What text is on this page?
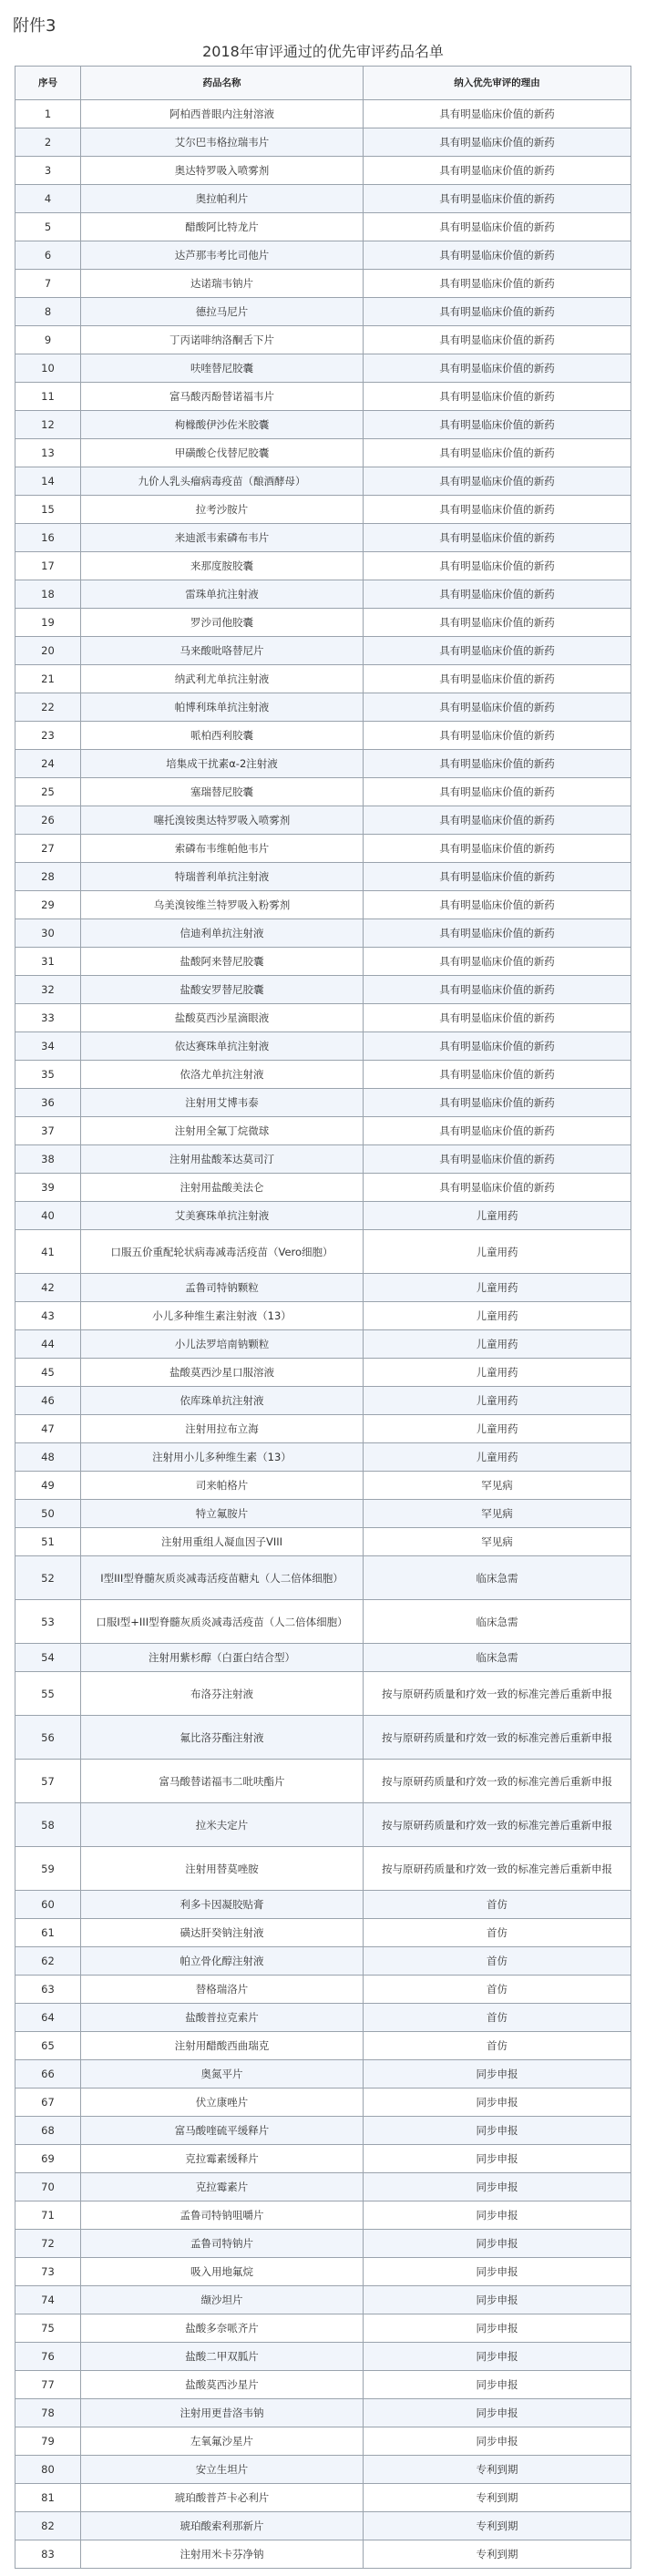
附件3
2018年审评通过的优先审评药品名单
序号	药品名称	纳入优先审评的理由
1	阿柏西普眼内注射溶液	具有明显临床价值的新药
2	艾尔巴韦格拉瑞韦片	具有明显临床价值的新药
3	奥达特罗吸入喷雾剂	具有明显临床价值的新药
4	奥拉帕利片	具有明显临床价值的新药
5	醋酸阿比特龙片	具有明显临床价值的新药
6	达芦那韦考比司他片	具有明显临床价值的新药
7	达诺瑞韦钠片	具有明显临床价值的新药
8	德拉马尼片	具有明显临床价值的新药
9	丁丙诺啡纳洛酮舌下片	具有明显临床价值的新药
10	呋喹替尼胶囊	具有明显临床价值的新药
11	富马酸丙酚替诺福韦片	具有明显临床价值的新药
12	枸橼酸伊沙佐米胶囊	具有明显临床价值的新药
13	甲磺酸仑伐替尼胶囊	具有明显临床价值的新药
14	九价人乳头瘤病毒疫苗（酿酒酵母）	具有明显临床价值的新药
15	拉考沙胺片	具有明显临床价值的新药
16	来迪派韦索磷布韦片	具有明显临床价值的新药
17	来那度胺胶囊	具有明显临床价值的新药
18	雷珠单抗注射液	具有明显临床价值的新药
19	罗沙司他胶囊	具有明显临床价值的新药
20	马来酸吡咯替尼片	具有明显临床价值的新药
21	纳武利尤单抗注射液	具有明显临床价值的新药
22	帕博利珠单抗注射液	具有明显临床价值的新药
23	哌柏西利胶囊	具有明显临床价值的新药
24	培集成干扰素α-2注射液	具有明显临床价值的新药
25	塞瑞替尼胶囊	具有明显临床价值的新药
26	噻托溴铵奥达特罗吸入喷雾剂	具有明显临床价值的新药
27	索磷布韦维帕他韦片	具有明显临床价值的新药
28	特瑞普利单抗注射液	具有明显临床价值的新药
29	乌美溴铵维兰特罗吸入粉雾剂	具有明显临床价值的新药
30	信迪利单抗注射液	具有明显临床价值的新药
31	盐酸阿来替尼胶囊	具有明显临床价值的新药
32	盐酸安罗替尼胶囊	具有明显临床价值的新药
33	盐酸莫西沙星滴眼液	具有明显临床价值的新药
34	依达赛珠单抗注射液	具有明显临床价值的新药
35	依洛尤单抗注射液	具有明显临床价值的新药
36	注射用艾博韦泰	具有明显临床价值的新药
37	注射用全氟丁烷微球	具有明显临床价值的新药
38	注射用盐酸苯达莫司汀	具有明显临床价值的新药
39	注射用盐酸美法仑	具有明显临床价值的新药
40	艾美赛珠单抗注射液	儿童用药
41	口服五价重配轮状病毒减毒活疫苗（Vero细胞）	儿童用药
42	孟鲁司特钠颗粒	儿童用药
43	小儿多种维生素注射液（13）	儿童用药
44	小儿法罗培南钠颗粒	儿童用药
45	盐酸莫西沙星口服溶液	儿童用药
46	依库珠单抗注射液	儿童用药
47	注射用拉布立海	儿童用药
48	注射用小儿多种维生素（13）	儿童用药
49	司来帕格片	罕见病
50	特立氟胺片	罕见病
51	注射用重组人凝血因子VIII	罕见病
52	I型III型脊髓灰质炎减毒活疫苗糖丸（人二倍体细胞）	临床急需
53	口服I型+III型脊髓灰质炎减毒活疫苗（人二倍体细胞）	临床急需
54	注射用紫杉醇（白蛋白结合型）	临床急需
55	布洛芬注射液	按与原研药质量和疗效一致的标准完善后重新申报
56	氟比洛芬酯注射液	按与原研药质量和疗效一致的标准完善后重新申报
57	富马酸替诺福韦二吡呋酯片	按与原研药质量和疗效一致的标准完善后重新申报
58	拉米夫定片	按与原研药质量和疗效一致的标准完善后重新申报
59	注射用替莫唑胺	按与原研药质量和疗效一致的标准完善后重新申报
60	利多卡因凝胶贴膏	首仿
61	磺达肝癸钠注射液	首仿
62	帕立骨化醇注射液	首仿
63	替格瑞洛片	首仿
64	盐酸普拉克索片	首仿
65	注射用醋酸西曲瑞克	首仿
66	奥氮平片	同步申报
67	伏立康唑片	同步申报
68	富马酸喹硫平缓释片	同步申报
69	克拉霉素缓释片	同步申报
70	克拉霉素片	同步申报
71	孟鲁司特钠咀嚼片	同步申报
72	孟鲁司特钠片	同步申报
73	吸入用地氟烷	同步申报
74	缬沙坦片	同步申报
75	盐酸多奈哌齐片	同步申报
76	盐酸二甲双胍片	同步申报
77	盐酸莫西沙星片	同步申报
78	注射用更昔洛韦钠	同步申报
79	左氧氟沙星片	同步申报
80	安立生坦片	专利到期
81	琥珀酸普芦卡必利片	专利到期
82	琥珀酸索利那新片	专利到期
83	注射用米卡芬净钠	专利到期
